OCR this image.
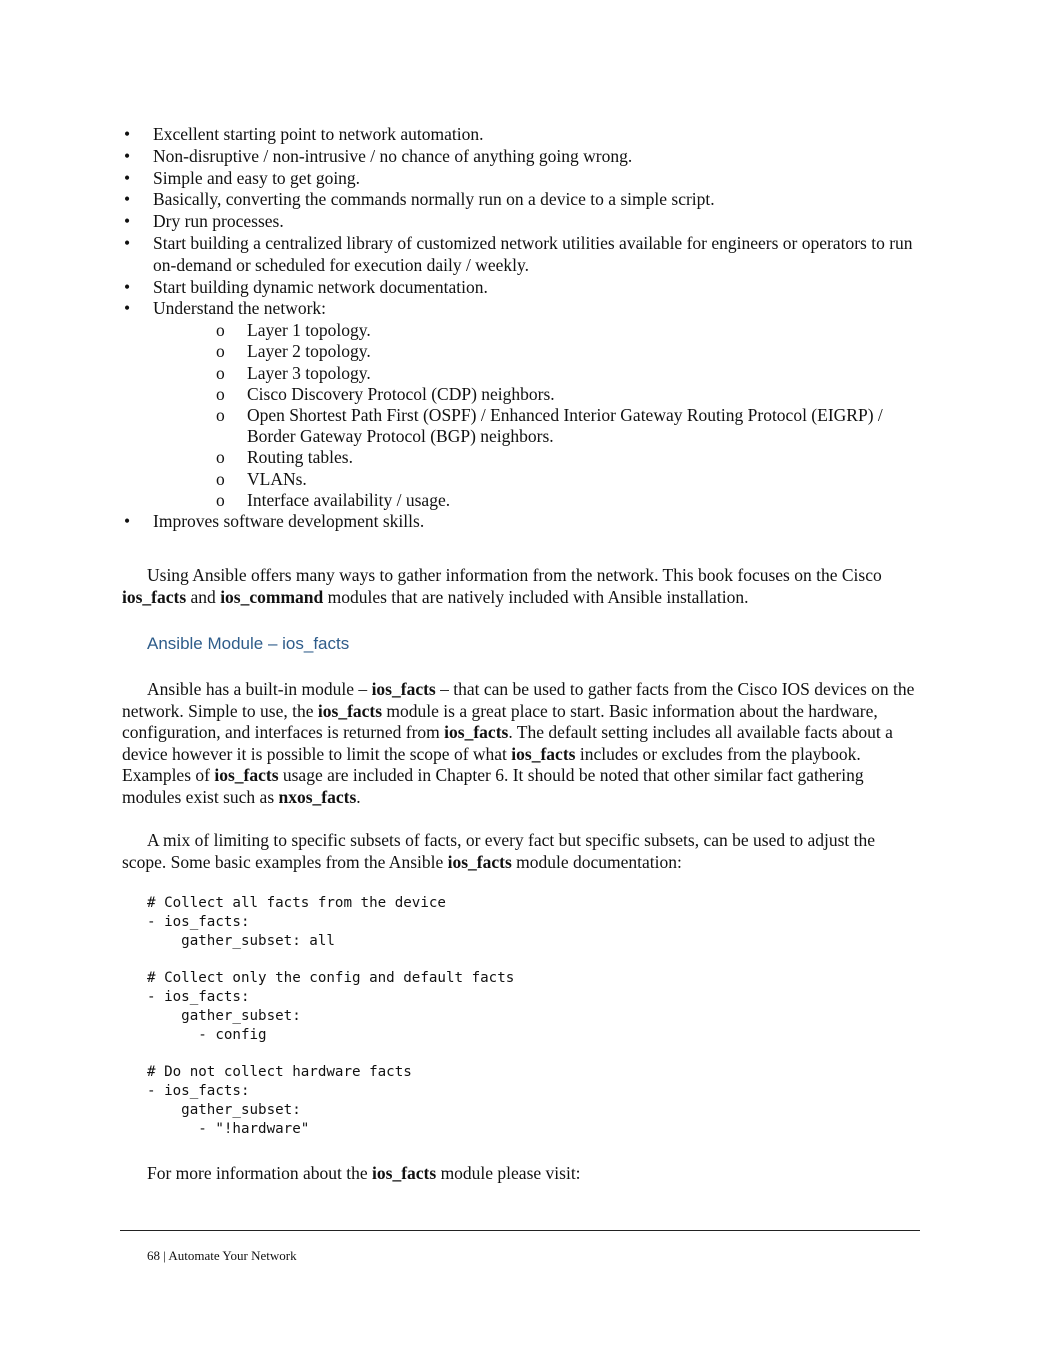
• Excellent starting point to network automation.
• Non-disruptive / non-intrusive / no chance of anything going wrong.
• Simple and easy to get going.
• Basically, converting the commands normally run on a device to a simple script.
• Dry run processes.
• Start building a centralized library of customized network utilities available for engineers or operators to run on-demand or scheduled for execution daily / weekly.
• Start building dynamic network documentation.
• Understand the network:
o Layer 1 topology.
o Layer 2 topology.
o Layer 3 topology.
o Cisco Discovery Protocol (CDP) neighbors.
o Open Shortest Path First (OSPF) / Enhanced Interior Gateway Routing Protocol (EIGRP) / Border Gateway Protocol (BGP) neighbors.
o Routing tables.
o VLANs.
o Interface availability / usage.
• Improves software development skills.

Using Ansible offers many ways to gather information from the network. This book focuses on the Cisco ios_facts and ios_command modules that are natively included with Ansible installation.

Ansible Module – ios_facts

Ansible has a built-in module – ios_facts – that can be used to gather facts from the Cisco IOS devices on the network. Simple to use, the ios_facts module is a great place to start. Basic information about the hardware, configuration, and interfaces is returned from ios_facts. The default setting includes all available facts about a device however it is possible to limit the scope of what ios_facts includes or excludes from the playbook. Examples of ios_facts usage are included in Chapter 6. It should be noted that other similar fact gathering modules exist such as nxos_facts.

A mix of limiting to specific subsets of facts, or every fact but specific subsets, can be used to adjust the scope. Some basic examples from the Ansible ios_facts module documentation:

# Collect all facts from the device
- ios_facts:
gather_subset: all
# Collect only the config and default facts
- ios_facts:
gather_subset:
- config
# Do not collect hardware facts
- ios_facts:
gather_subset:
- "!hardware"

For more information about the ios_facts module please visit:

68 | Automate Your Network
